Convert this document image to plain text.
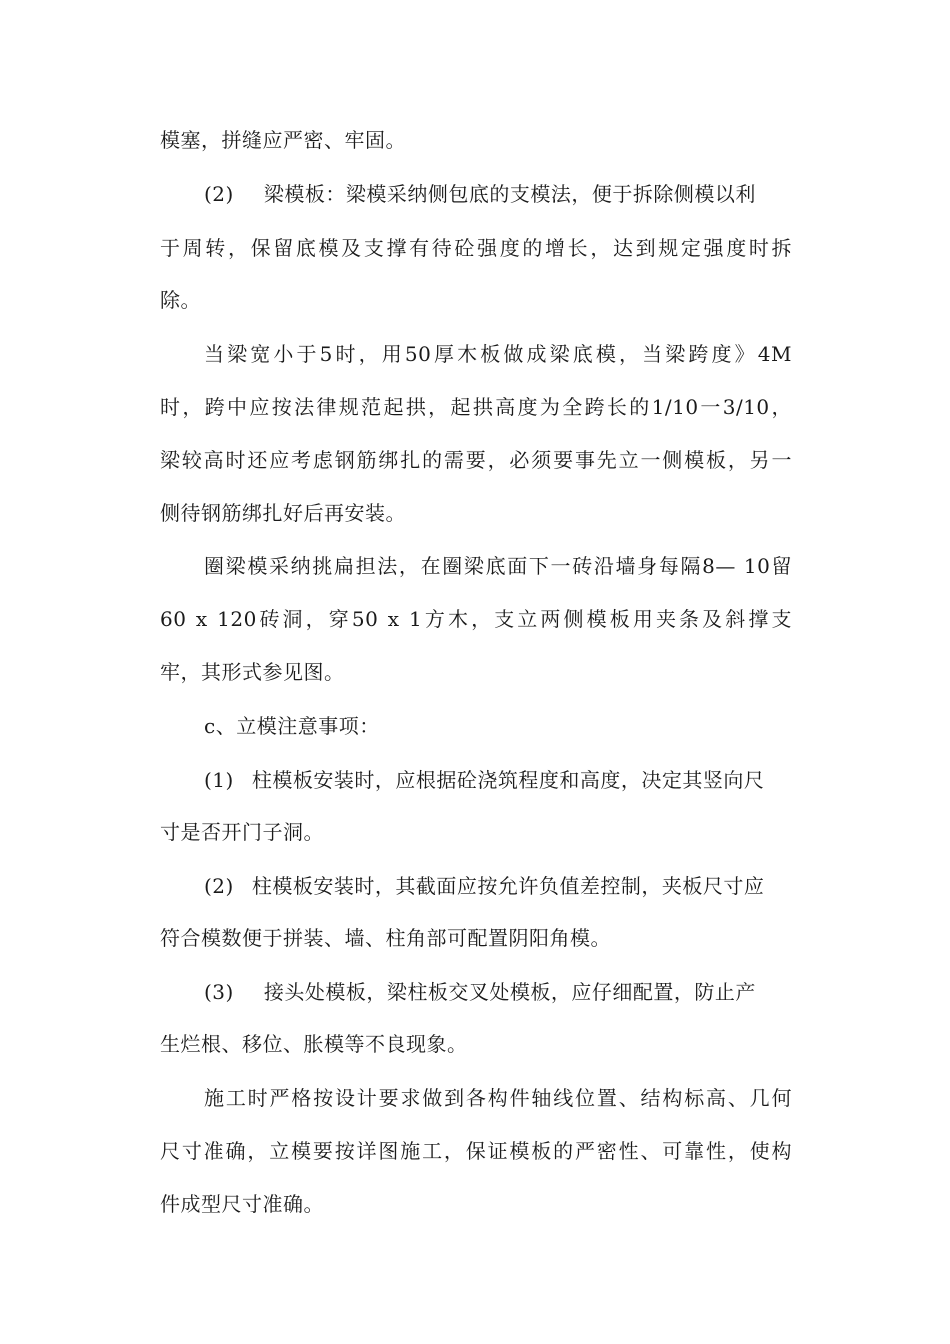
模塞，拼缝应严密、牢固。
(2) 梁模板：梁模采纳侧包底的支模法，便于拆除侧模以利
于周转，保留底模及支撑有待砼强度的增长，达到规定强度时拆
除。
当梁宽小于5时，用50厚木板做成梁底模，当梁跨度》4M
时，跨中应按法律规范起拱，起拱高度为全跨长的1/10一3/10，
梁较高时还应考虑钢筋绑扎的需要，必须要事先立一侧模板，另一
侧待钢筋绑扎好后再安装。
圈梁模采纳挑扁担法，在圈梁底面下一砖沿墙身每隔8— 10留
60 x 120砖洞，穿50 x 1方木，支立两侧模板用夹条及斜撑支
牢，其形式参见图。
c、立模注意事项：
(1) 柱模板安装时，应根据砼浇筑程度和高度，决定其竖向尺
寸是否开门子洞。
(2) 柱模板安装时，其截面应按允许负值差控制，夹板尺寸应
符合模数便于拼装、墙、柱角部可配置阴阳角模。
(3) 接头处模板，梁柱板交叉处模板，应仔细配置，防止产
生烂根、移位、胀模等不良现象。
施工时严格按设计要求做到各构件轴线位置、结构标高、几何
尺寸准确，立模要按详图施工，保证模板的严密性、可靠性，使构
件成型尺寸准确。
